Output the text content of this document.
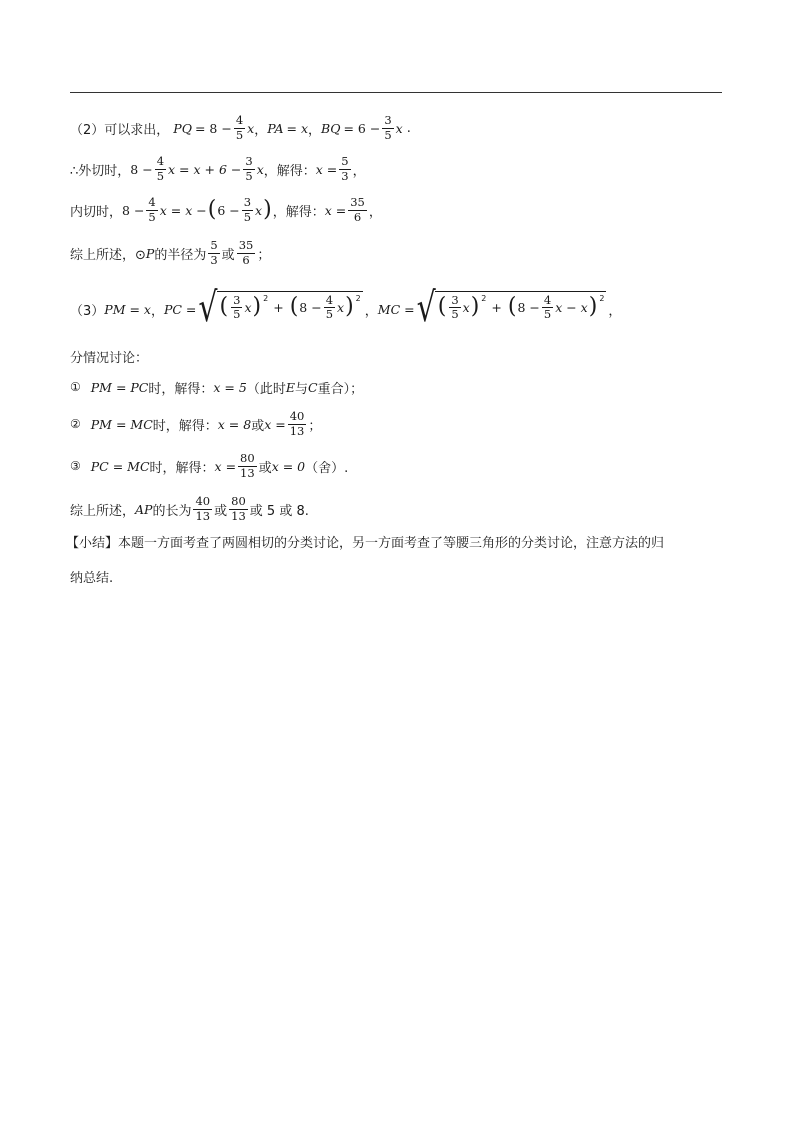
（2） 可以求出， PQ = $8 - \frac{4}{5}$ x ， PA = x ， BQ = $6 - \frac{3}{5}$ x .
∴外切时， $8 - \frac{4}{5}$ $x = x + 6 - \frac{3}{5}$ x ，解得： $x = \frac{5}{3}$ ，
内切时， $8 - \frac{4}{5}$ x = x − ( $6 - \frac{3}{5}$ x ) ，解得： $x = \frac{35}{6}$ ，
综上所述，⊙ P 的半径为 $\frac{5}{3}$ 或 $\frac{35}{6}$ ；
（3） PM = x ， PC = √ ( $\frac{3}{5}$ x ) $^2$
+ ( $8 - \frac{4}{5}$ x ) $^2$
， MC = √ ( $\frac{3}{5}$ x ) $^2$
+ ( $8 - \frac{4}{5}$ x − x ) $^2$
，
分情况讨论：
① PM = PC 时，解得： x = 5 （此时 E 与 C 重合）；
② PM = MC 时，解得： x = 8 或 $x = \frac{40}{13}$ ；
③ PC = MC 时，解得： $x = \frac{80}{13}$ 或 x = 0 （舍）.
综上所述， AP 的长为 $\frac{40}{13}$ 或 $\frac{80}{13}$ 或 5 或 8.
【小结】本题一方面考查了两圆相切的分类讨论，另一方面考查了等腰三角形的分类讨论，注意方法的归
纳总结.
